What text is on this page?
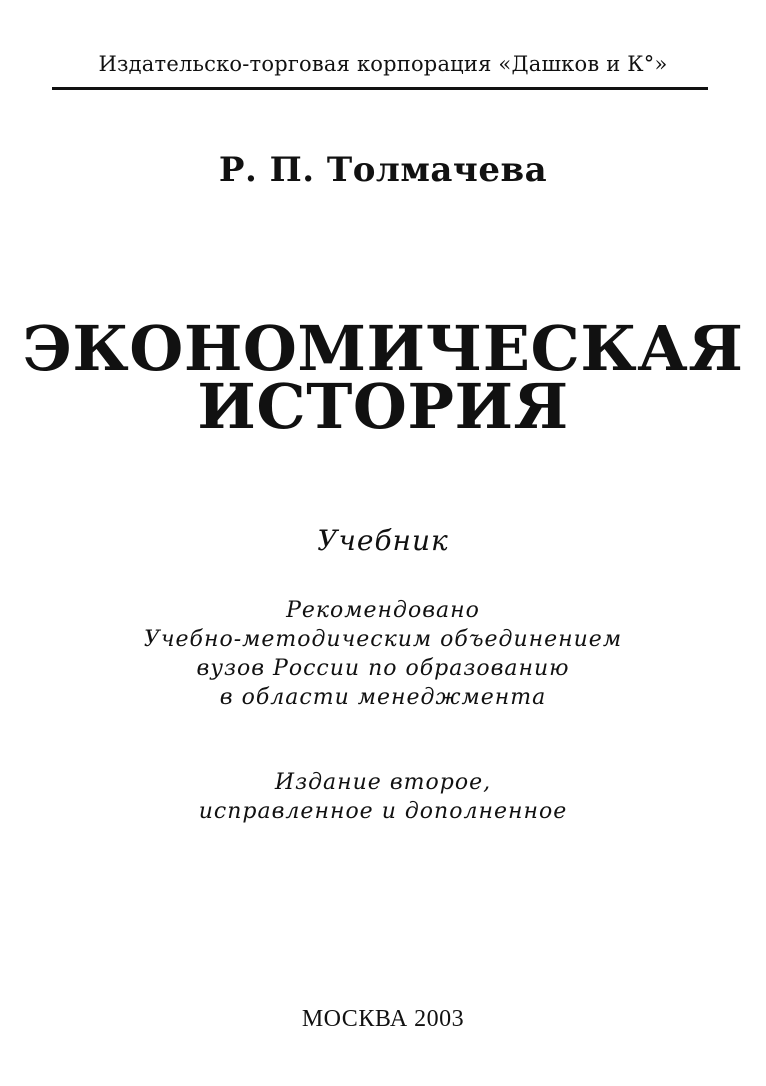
Издательско-торговая корпорация «Дашков и К°»
Р. П. Толмачева
ЭКОНОМИЧЕСКАЯ
ИСТОРИЯ
Учебник
Рекомендовано
Учебно-методическим объединением
вузов России по образованию
в области менеджмента
Издание второе,
исправленное и дополненное
МОСКВА 2003
